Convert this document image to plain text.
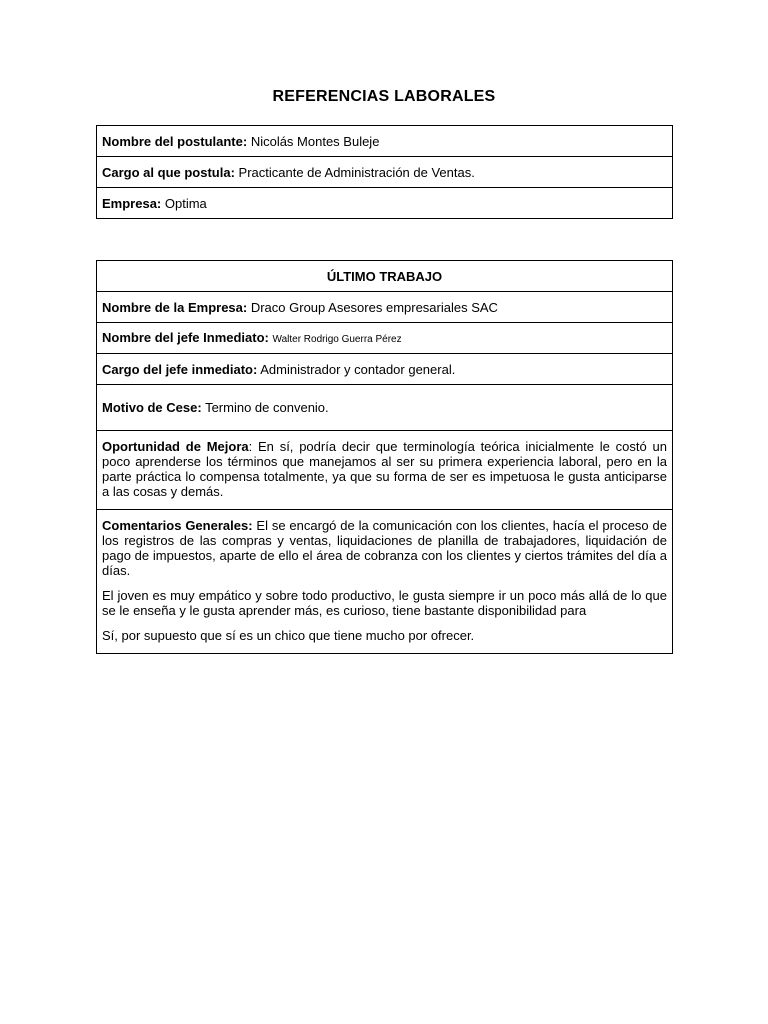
REFERENCIAS LABORALES
Nombre del postulante: Nicolás Montes Buleje
Cargo al que postula: Practicante de Administración de Ventas.
Empresa: Optima
ÚLTIMO TRABAJO
Nombre de la Empresa: Draco Group Asesores empresariales SAC
Nombre del jefe Inmediato: Walter Rodrigo Guerra Pérez
Cargo del jefe inmediato: Administrador y contador general.
Motivo de Cese: Termino de convenio.
Oportunidad de Mejora: En sí, podría decir que terminología teórica inicialmente le costó un poco aprenderse los términos que manejamos al ser su primera experiencia laboral, pero en la parte práctica lo compensa totalmente, ya que su forma de ser es impetuosa le gusta anticiparse a las cosas y demás.

Comentarios Generales: El se encargó de la comunicación con los clientes, hacía el proceso de los registros de las compras y ventas, liquidaciones de planilla de trabajadores, liquidación de pago de impuestos, aparte de ello el área de cobranza con los clientes y ciertos trámites del día a días.

El joven es muy empático y sobre todo productivo, le gusta siempre ir un poco más allá de lo que se le enseña y le gusta aprender más, es curioso, tiene bastante disponibilidad para

Sí, por supuesto que sí es un chico que tiene mucho por ofrecer.
